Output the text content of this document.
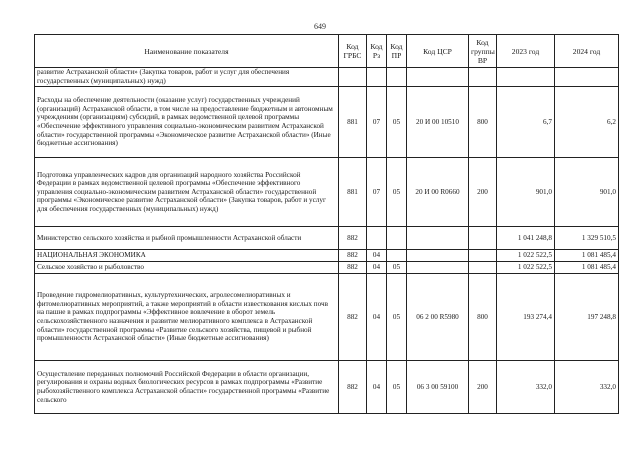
649
Наименование показателя	Код ГРБС	Код Рз	Код ПР	Код ЦСР	Код группы ВР	2023 год	2024 год
развитие Астраханской области» (Закупка товаров, работ и услуг для обеспечения государственных (муниципальных) нужд)							
Расходы на обеспечение деятельности (оказание услуг) государственных учреждений (организаций) Астраханской области, в том числе на предоставление бюджетным и автономным учреждениям (организациям) субсидий, в рамках ведомственной целевой программы «Обеспечение эффективного управления социально-экономическим развитием Астраханской области» государственной программы «Экономическое развитие Астраханской области» (Иные бюджетные ассигнования)	881	07	05	20 И 00 10510	800	6,7	6,2
Подготовка управленческих кадров для организаций народного хозяйства Российской Федерации в рамках ведомственной целевой программы «Обеспечение эффективного управления социально-экономическим развитием Астраханской области» государственной программы «Экономическое развитие Астраханской области» (Закупка товаров, работ и услуг для обеспечения государственных (муниципальных) нужд)	881	07	05	20 И 00 R0660	200	901,0	901,0
Министерство сельского хозяйства и рыбной промышленности Астраханской области	882					1 041 248,8	1 329 510,5
НАЦИОНАЛЬНАЯ ЭКОНОМИКА	882	04				1 022 522,5	1 081 485,4
Сельское хозяйство и рыболовство	882	04	05			1 022 522,5	1 081 485,4
Проведение гидромелиоративных, культуртехнических, агролесомелиоративных и фитомелиоративных мероприятий, а также мероприятий в области известкования кислых почв на пашне в рамках подпрограммы «Эффективное вовлечение в оборот земель сельскохозяйственного назначения и развитие мелиоративного комплекса в Астраханской области» государственной программы «Развитие сельского хозяйства, пищевой и рыбной промышленности Астраханской области» (Иные бюджетные ассигнования)	882	04	05	06 2 00 R5980	800	193 274,4	197 248,8
Осуществление переданных полномочий Российской Федерации в области организации, регулирования и охраны водных биологических ресурсов в рамках подпрограммы «Развитие рыбохозяйственного комплекса Астраханской области» государственной программы «Развитие сельского	882	04	05	06 3 00 59100	200	332,0	332,0
